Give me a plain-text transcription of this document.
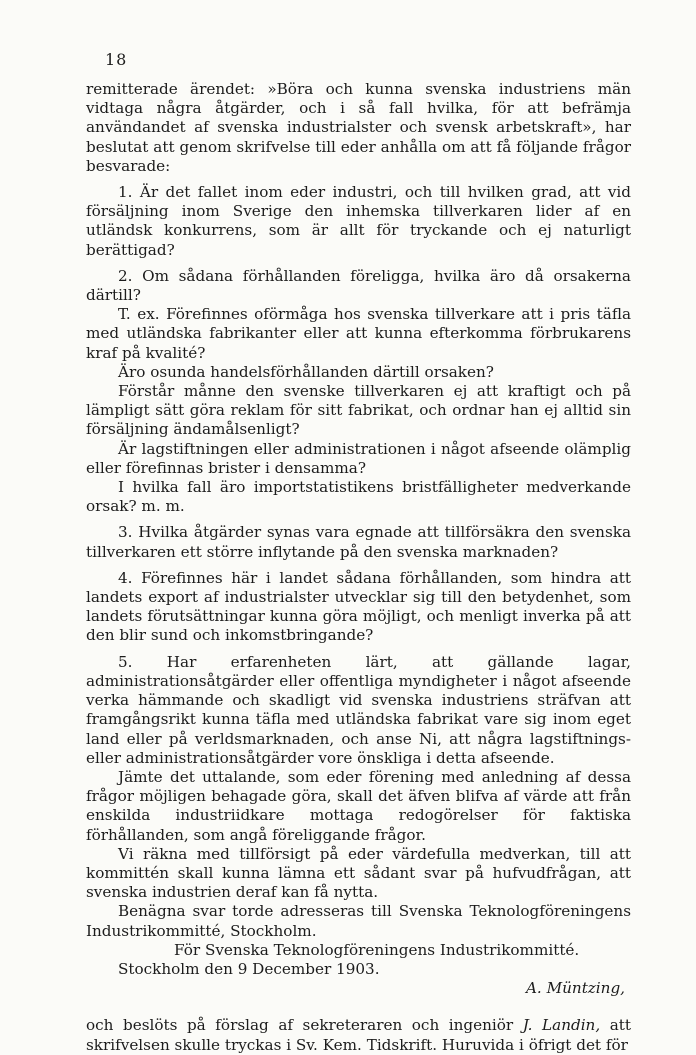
18

remitterade ärendet: »Böra och kunna svenska industriens män vidtaga några åtgärder, och i så fall hvilka, för att befrämja användandet af svenska industrialster och svensk arbetskraft», har beslutat att genom skrifvelse till eder anhålla om att få följande frågor besvarade:

1. Är det fallet inom eder industri, och till hvilken grad, att vid försäljning inom Sverige den inhemska tillverkaren lider af en utländsk konkurrens, som är allt för tryckande och ej naturligt berättigad?

2. Om sådana förhållanden föreligga, hvilka äro då orsakerna därtill?

T. ex. Förefinnes oförmåga hos svenska tillverkare att i pris täfla med utländska fabrikanter eller att kunna efterkomma förbrukarens kraf på kvalité?

Äro osunda handelsförhållanden därtill orsaken?

Förstår månne den svenske tillverkaren ej att kraftigt och på lämpligt sätt göra reklam för sitt fabrikat, och ordnar han ej alltid sin försäljning ändamålsenligt?

Är lagstiftningen eller administrationen i något afseende olämplig eller förefinnas brister i densamma?

I hvilka fall äro importstatistikens bristfälligheter medverkande orsak? m. m.

3. Hvilka åtgärder synas vara egnade att tillförsäkra den svenska tillverkaren ett större inflytande på den svenska marknaden?

4. Förefinnes här i landet sådana förhållanden, som hindra att landets export af industrialster utvecklar sig till den betydenhet, som landets förutsättningar kunna göra möjligt, och menligt inverka på att den blir sund och inkomstbringande?

5. Har erfarenheten lärt, att gällande lagar, administrationsåtgärder eller offentliga myndigheter i något afseende verka hämmande och skadligt vid svenska industriens sträfvan att framgångsrikt kunna täfla med utländska fabrikat vare sig inom eget land eller på verldsmarknaden, och anse Ni, att några lagstiftnings- eller administrationsåtgärder vore önskliga i detta afseende.

Jämte det uttalande, som eder förening med anledning af dessa frågor möjligen behagade göra, skall det äfven blifva af värde att från enskilda industriidkare mottaga redogörelser för faktiska förhållanden, som angå föreliggande frågor.

Vi räkna med tillförsigt på eder värdefulla medverkan, till att kommittén skall kunna lämna ett sådant svar på hufvudfrågan, att svenska industrien deraf kan få nytta.

Benägna svar torde adresseras till Svenska Teknologföreningens Industrikommitté, Stockholm.

För Svenska Teknologföreningens Industrikommitté.

Stockholm den 9 December 1903.

A. Müntzing,

och beslöts på förslag af sekreteraren och ingeniör J. Landin, att skrifvelsen skulle tryckas i Sv. Kem. Tidskrift. Huruvida i öfrigt det för
